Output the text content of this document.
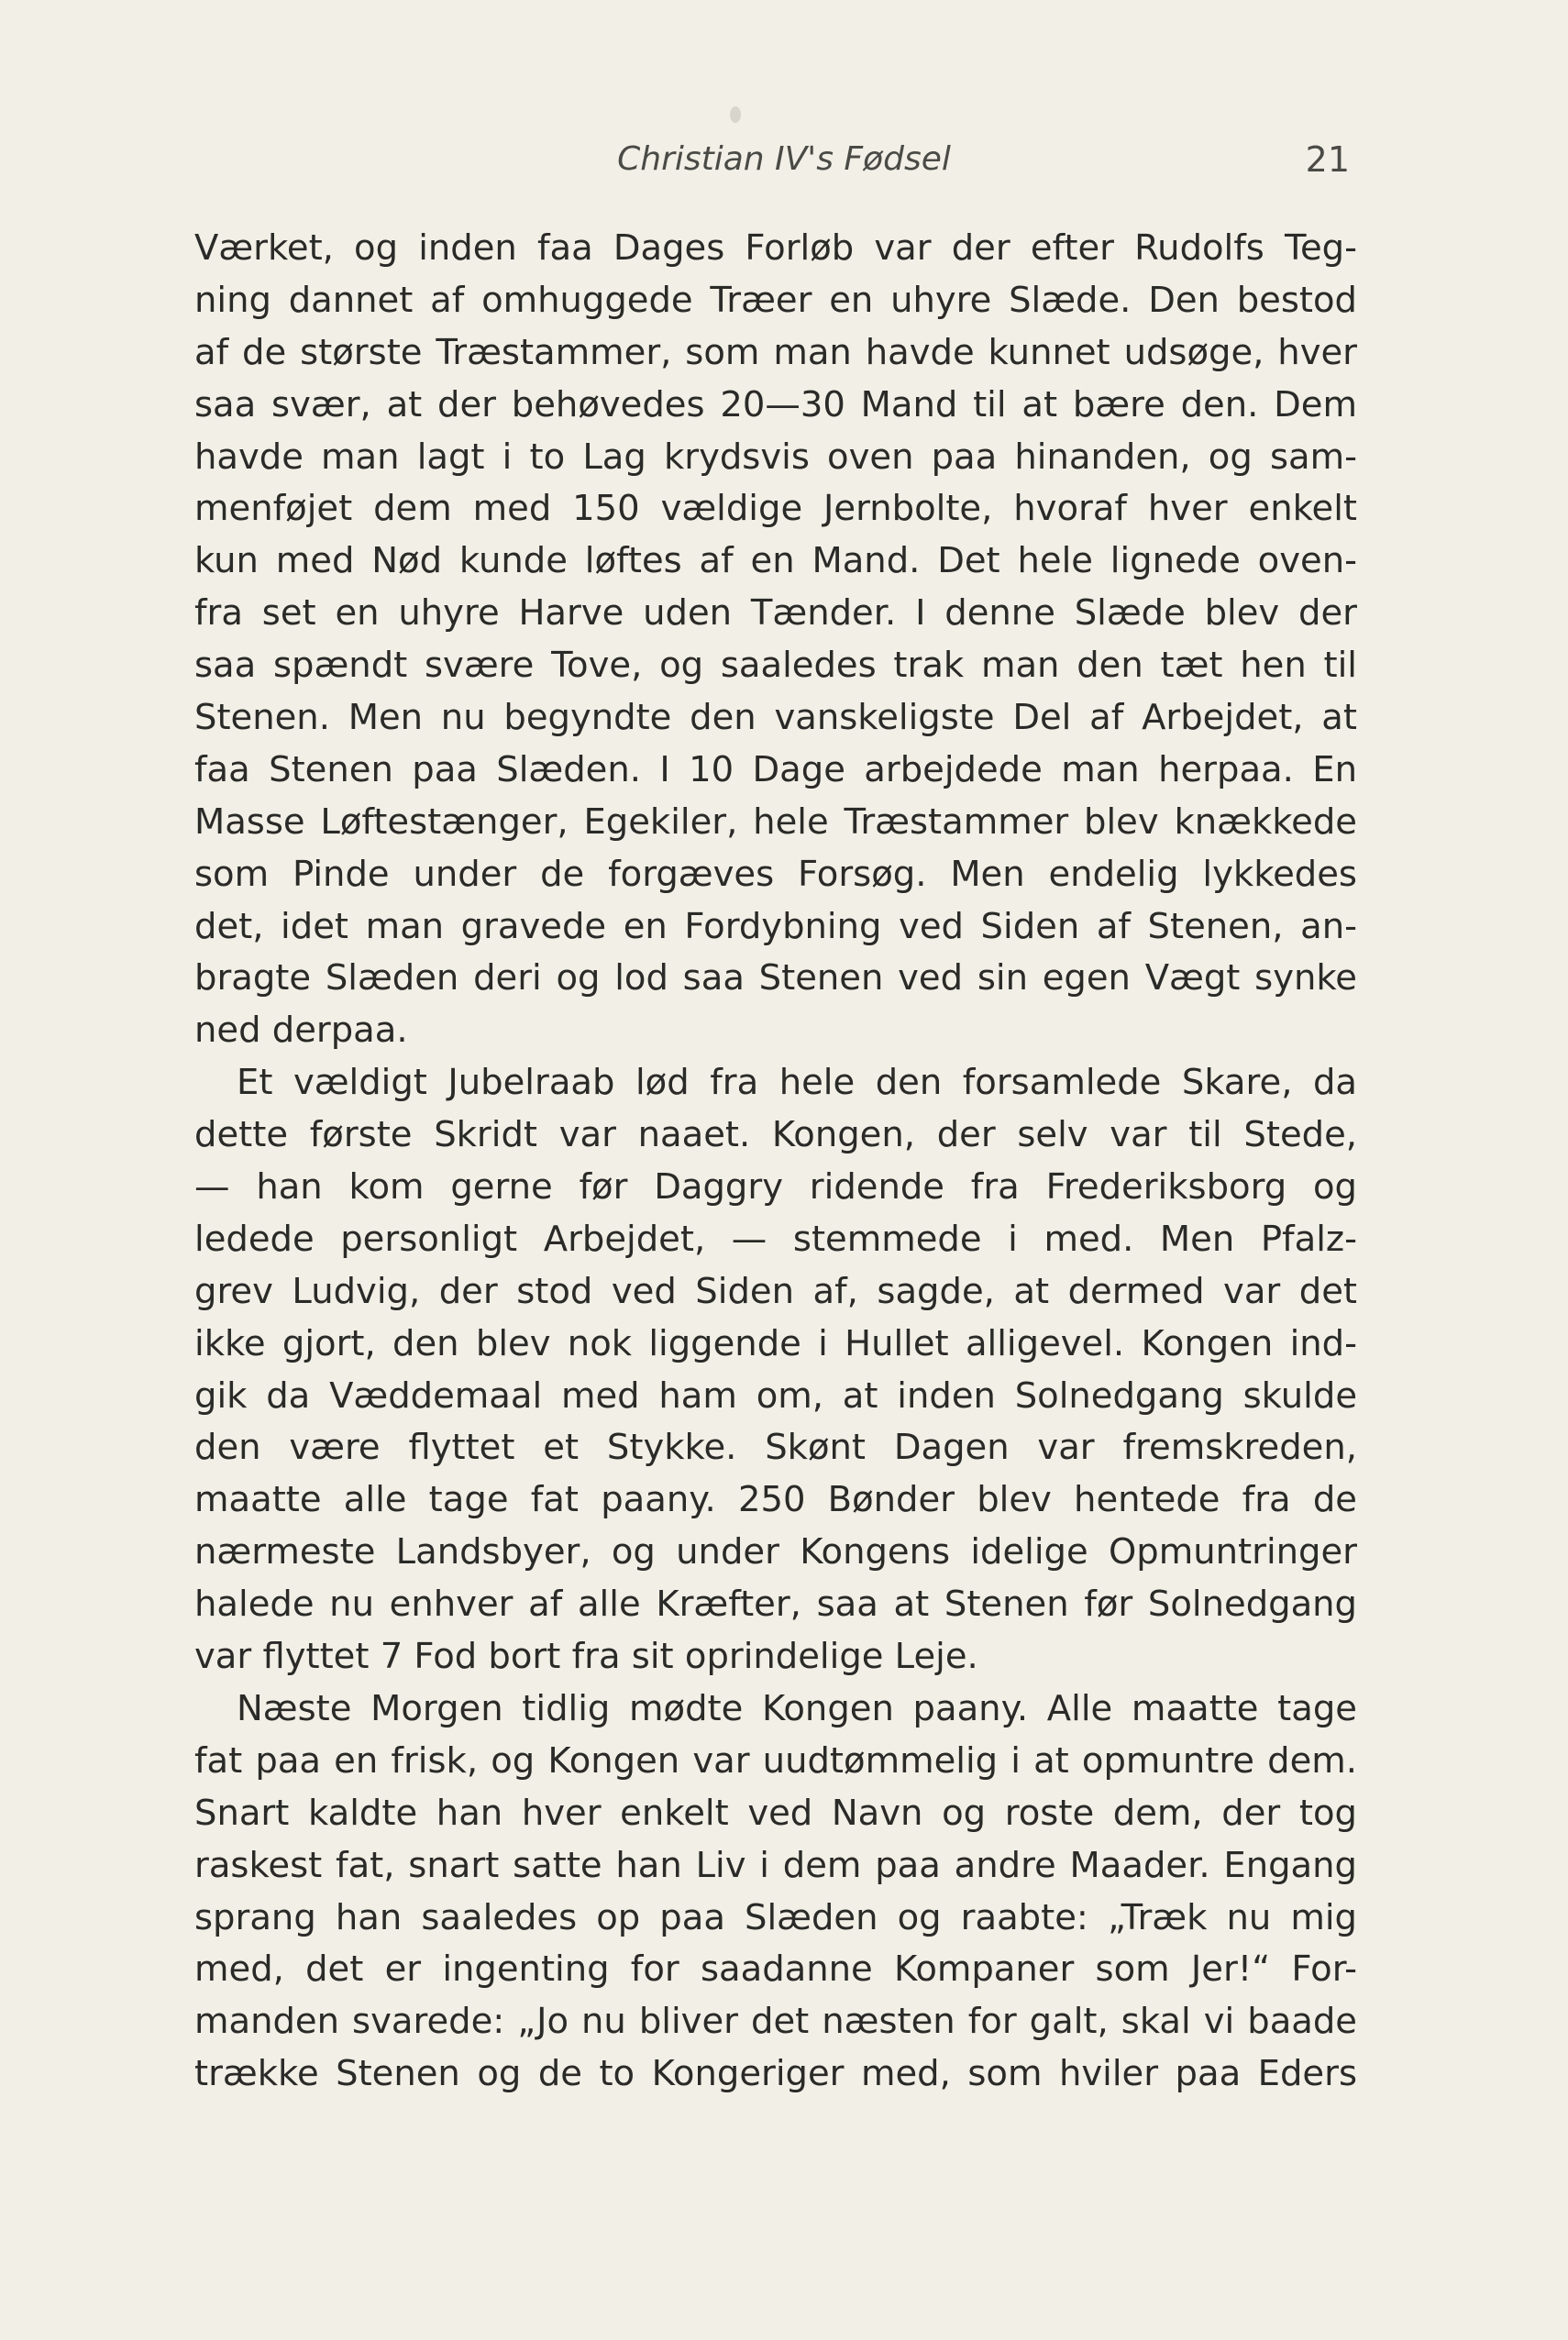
Christian IV's Fødsel	21
Værket, og inden faa Dages Forløb var der efter Rudolfs Teg-
ning dannet af omhuggede Træer en uhyre Slæde. Den bestod
af de største Træstammer, som man havde kunnet udsøge, hver
saa svær, at der behøvedes 20—30 Mand til at bære den. Dem
havde man lagt i to Lag krydsvis oven paa hinanden, og sam-
menføjet dem med 150 vældige Jernbolte, hvoraf hver enkelt
kun med Nød kunde løftes af en Mand. Det hele lignede oven-
fra set en uhyre Harve uden Tænder. I denne Slæde blev der
saa spændt svære Tove, og saaledes trak man den tæt hen til
Stenen. Men nu begyndte den vanskeligste Del af Arbejdet, at
faa Stenen paa Slæden. I 10 Dage arbejdede man herpaa. En
Masse Løftestænger, Egekiler, hele Træstammer blev knækkede
som Pinde under de forgæves Forsøg. Men endelig lykkedes
det, idet man gravede en Fordybning ved Siden af Stenen, an-
bragte Slæden deri og lod saa Stenen ved sin egen Vægt synke
ned derpaa.
Et vældigt Jubelraab lød fra hele den forsamlede Skare, da
dette første Skridt var naaet. Kongen, der selv var til Stede,
— han kom gerne før Daggry ridende fra Frederiksborg og
ledede personligt Arbejdet, — stemmede i med. Men Pfalz-
grev Ludvig, der stod ved Siden af, sagde, at dermed var det
ikke gjort, den blev nok liggende i Hullet alligevel. Kongen ind-
gik da Væddemaal med ham om, at inden Solnedgang skulde
den være flyttet et Stykke. Skønt Dagen var fremskreden,
maatte alle tage fat paany. 250 Bønder blev hentede fra de
nærmeste Landsbyer, og under Kongens idelige Opmuntringer
halede nu enhver af alle Kræfter, saa at Stenen før Solnedgang
var flyttet 7 Fod bort fra sit oprindelige Leje.
Næste Morgen tidlig mødte Kongen paany. Alle maatte tage
fat paa en frisk, og Kongen var uudtømmelig i at opmuntre dem.
Snart kaldte han hver enkelt ved Navn og roste dem, der tog
raskest fat, snart satte han Liv i dem paa andre Maader. Engang
sprang han saaledes op paa Slæden og raabte: „Træk nu mig
med, det er ingenting for saadanne Kompaner som Jer!“ For-
manden svarede: „Jo nu bliver det næsten for galt, skal vi baade
trække Stenen og de to Kongeriger med, som hviler paa Eders
